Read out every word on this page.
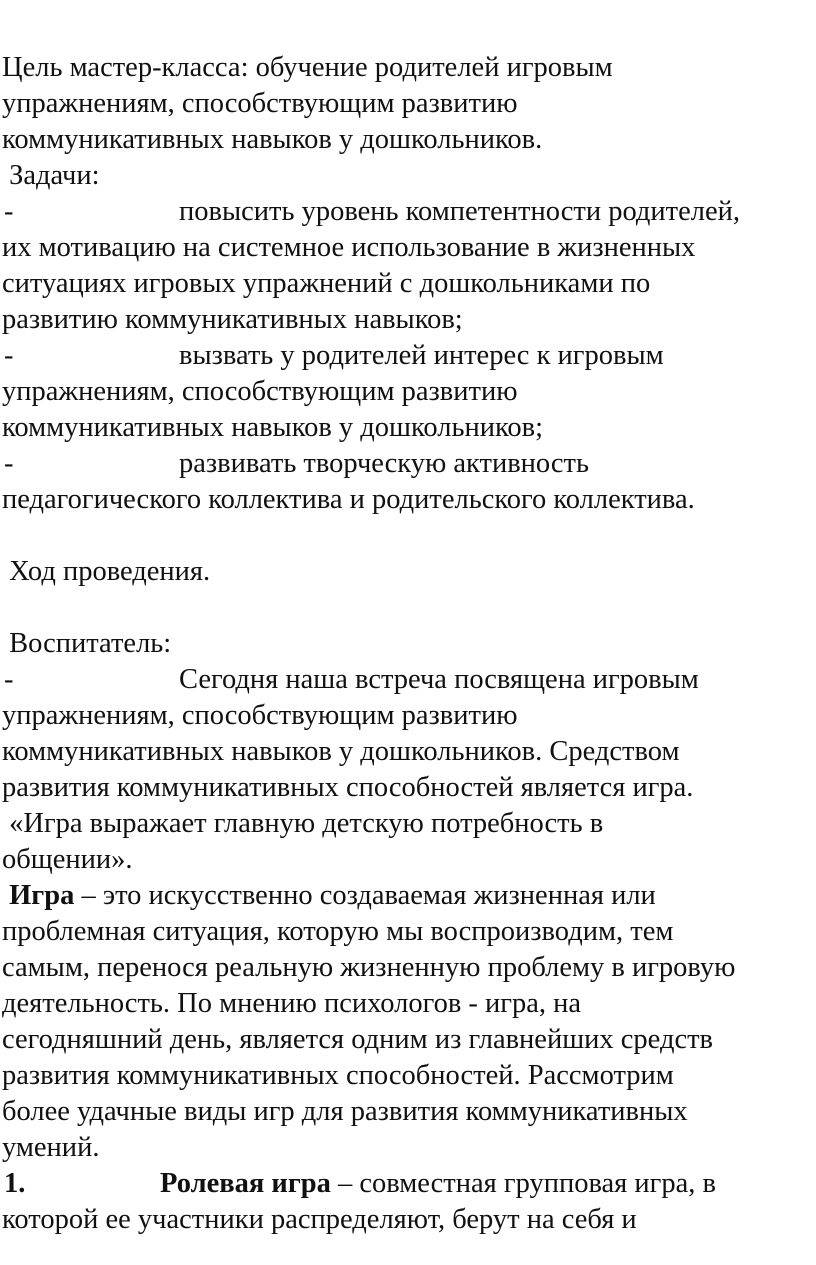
Цель мастер-класса: обучение родителей игровым
упражнениям, способствующим развитию
коммуникативных навыков у дошкольников.
Задачи:
-	повысить уровень компетентности родителей,
их мотивацию на системное использование в жизненных
ситуациях игровых упражнений с дошкольниками по
развитию коммуникативных навыков;
-	вызвать у родителей интерес к игровым
упражнениям, способствующим развитию
коммуникативных навыков у дошкольников;
-	развивать творческую активность
педагогического коллектива и родительского коллектива.
Ход проведения.
Воспитатель:
-	Сегодня наша встреча посвящена игровым
упражнениям, способствующим развитию
коммуникативных навыков у дошкольников. Средством
развития коммуникативных способностей является игра.
«Игра выражает главную детскую потребность в
общении».
Игра – это искусственно создаваемая жизненная или
проблемная ситуация, которую мы воспроизводим, тем
самым, перенося реальную жизненную проблему в игровую
деятельность. По мнению психологов - игра, на
сегодняшний день, является одним из главнейших средств
развития коммуникативных способностей. Рассмотрим
более удачные виды игр для развития коммуникативных
умений.
1.	Ролевая игра – совместная групповая игра, в
которой ее участники распределяют, берут на себя и
